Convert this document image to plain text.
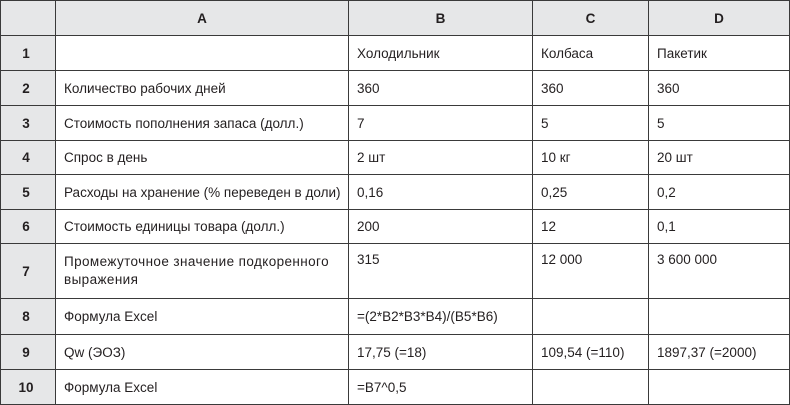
	A	B	C	D
1		Холодильник	Колбаса	Пакетик
2	Количество рабочих дней	360	360	360
3	Стоимость пополнения запаса (долл.)	7	5	5
4	Спрос в день	2 шт	10 кг	20 шт
5	Расходы на хранение (% переведен в доли)	0,16	0,25	0,2
6	Стоимость единицы товара (долл.)	200	12	0,1
7	Промежуточное значение подкоренного выражения	315	12 000	3 600 000
8	Формула Excel	=(2*B2*B3*B4)/(B5*B6)		
9	Qw (ЭОЗ)	17,75 (=18)	109,54 (=110)	1897,37 (=2000)
10	Формула Excel	=B7^0,5		
